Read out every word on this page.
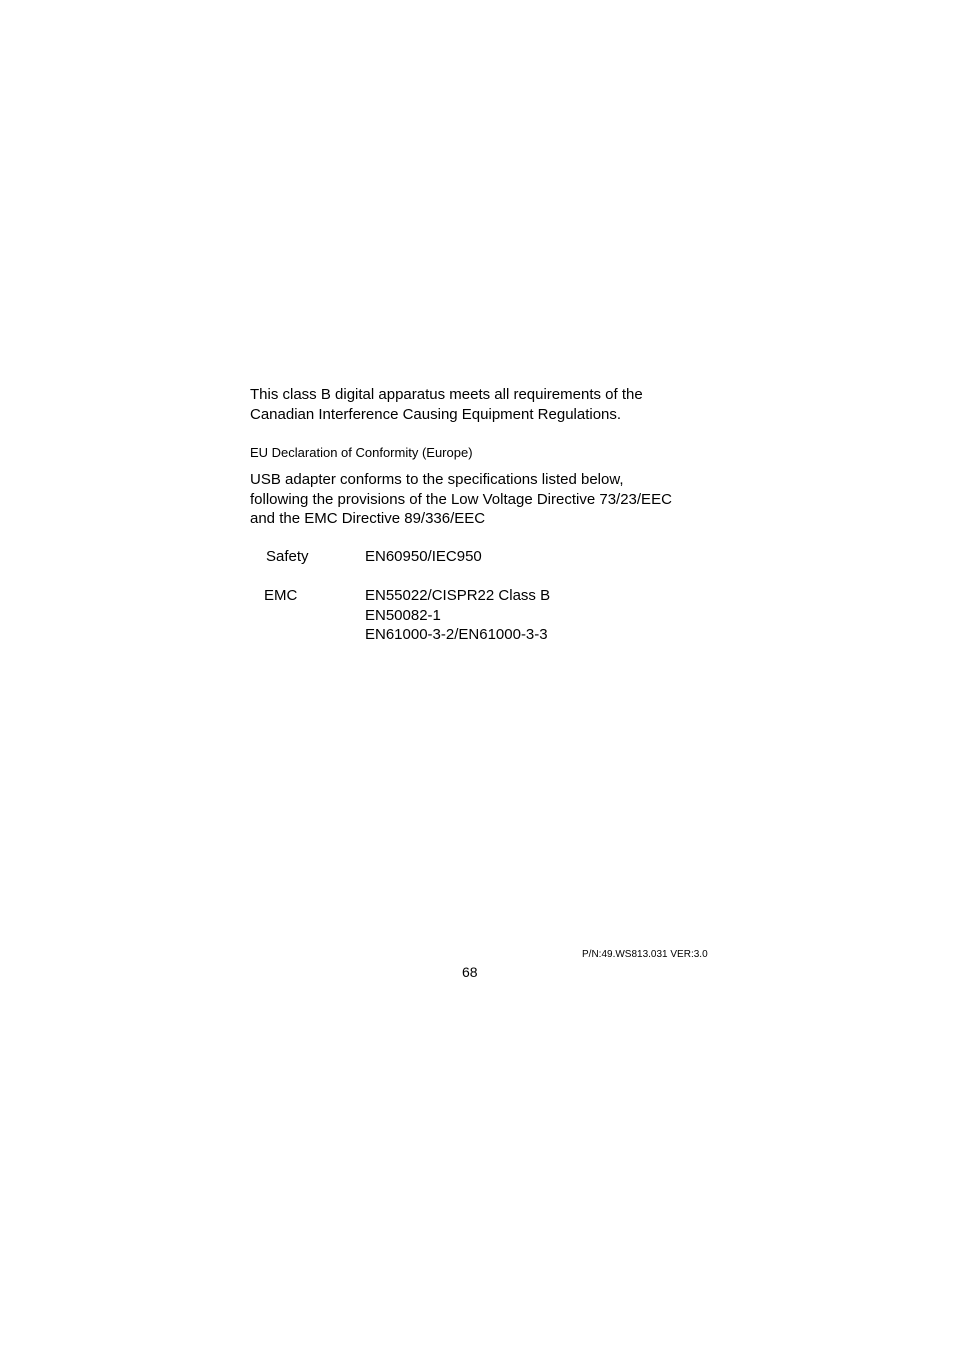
This class B digital apparatus meets all requirements of the
Canadian Interference Causing Equipment Regulations.

EU Declaration of Conformity (Europe)

USB adapter conforms to the specifications listed below,
following the provisions of the Low Voltage Directive 73/23/EEC
and the EMC Directive 89/336/EEC

Safety	EN60950/IEC950
EMC	EN55022/CISPR22 Class B
EN50082-1
EN61000-3-2/EN61000-3-3
P/N:49.WS813.031 VER:3.0
68
